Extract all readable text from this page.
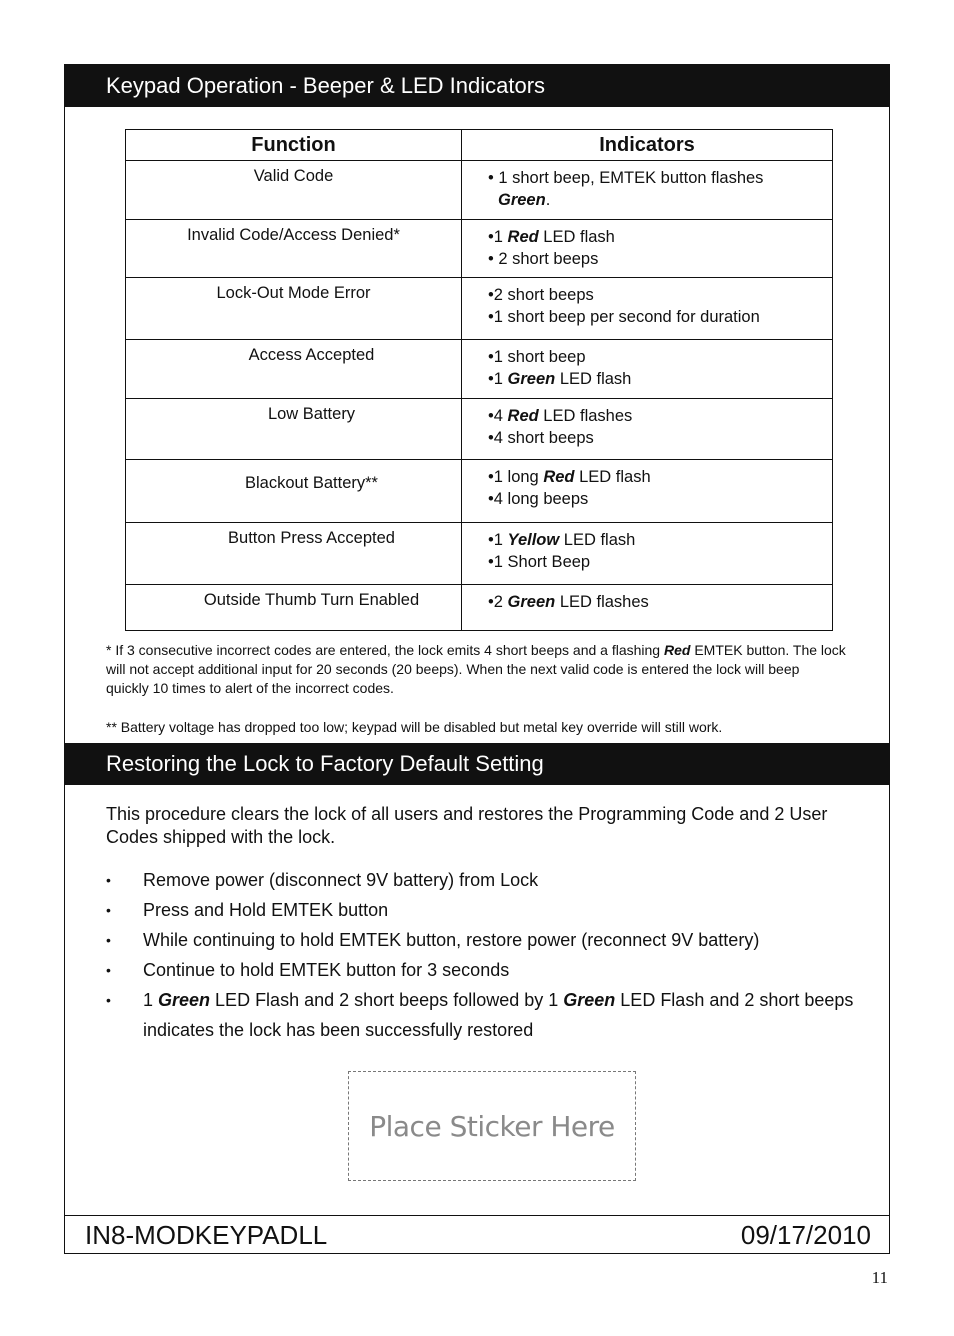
Keypad Operation - Beeper & LED Indicators
Function	Indicators
Valid Code	• 1 short beep, EMTEK button flashes
Green.

Invalid Code/Access Denied*	•1 Red LED flash
• 2 short beeps

Lock-Out Mode Error	•2 short beeps
•1 short beep per second for duration

Access Accepted	•1 short beep
•1 Green LED flash

Low Battery	•4 Red LED flashes
•4 short beeps

Blackout Battery**	•1 long Red LED flash
•4 long beeps

Button Press Accepted	•1 Yellow LED flash
•1 Short Beep

Outside Thumb Turn Enabled	•2 Green LED flashes

* If 3 consecutive incorrect codes are entered, the lock emits 4 short beeps and a flashing Red EMTEK button. The lock will not accept additional input for 20 seconds (20 beeps). When the next valid code is entered the lock will beep quickly 10 times to alert of the incorrect codes.

** Battery voltage has dropped too low; keypad will be disabled but metal key override will still work.

Restoring the Lock to Factory Default Setting

This procedure clears the lock of all users and restores the Programming Code and 2 User Codes shipped with the lock.

• Remove power (disconnect 9V battery) from Lock
• Press and Hold EMTEK button
• While continuing to hold EMTEK button, restore power (reconnect 9V battery)
• Continue to hold EMTEK button for 3 seconds
• 1 Green LED Flash and 2 short beeps followed by 1 Green LED Flash and 2 short beeps indicates the lock has been successfully restored
Place Sticker Here
IN8-MODKEYPADLL	09/17/2010
11
